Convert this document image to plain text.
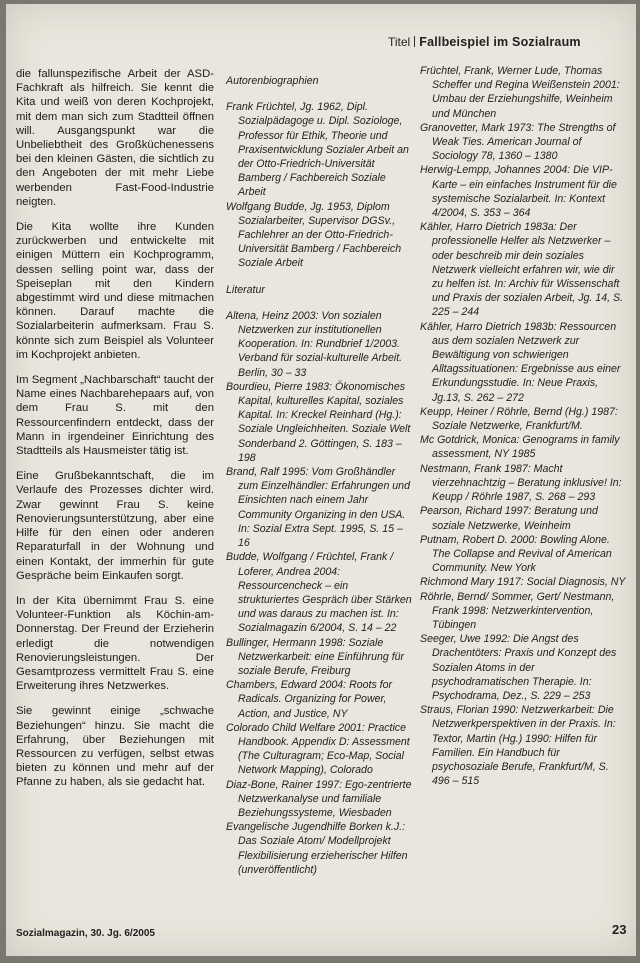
Titel Fallbeispiel im Sozialraum

die fallunspezifische Arbeit der ASD-Fachkraft als hilfreich. Sie kennt die Kita und weiß von deren Kochprojekt, mit dem man sich zum Stadtteil öffnen will. Ausgangspunkt war die Unbeliebtheit des Großküchenessens bei den kleinen Gästen, die sichtlich zu den Angeboten der mit mehr Liebe werbenden Fast-Food-Industrie neigten.

Die Kita wollte ihre Kunden zurückwerben und entwickelte mit einigen Müttern ein Kochprogramm, dessen selling point war, dass der Speiseplan mit den Kindern abgestimmt wird und diese mitmachen können. Darauf machte die Sozialarbeiterin aufmerksam. Frau S. könnte sich zum Beispiel als Volunteer im Kochprojekt anbieten.

Im Segment „Nachbarschaft“ taucht der Name eines Nachbarehepaars auf, von dem Frau S. mit den Ressourcenfindern entdeckt, dass der Mann in irgendeiner Einrichtung des Stadtteils als Hausmeister tätig ist.

Eine Grußbekanntschaft, die im Verlaufe des Prozesses dichter wird. Zwar gewinnt Frau S. keine Renovierungsunterstützung, aber eine Hilfe für den einen oder anderen Reparaturfall in der Wohnung und einen Kontakt, der immerhin für gute Gespräche beim Einkaufen sorgt.

In der Kita übernimmt Frau S. eine Volunteer-Funktion als Köchin-am-Donnerstag. Der Freund der Erzieherin erledigt die notwendigen Renovierungsleistungen. Der Gesamtprozess vermittelt Frau S. eine Erweiterung ihres Netzwerkes.

Sie gewinnt einige „schwache Beziehungen“ hinzu. Sie macht die Erfahrung, über Beziehungen mit Ressourcen zu verfügen, selbst etwas bieten zu können und mehr auf der Pfanne zu haben, als sie gedacht hat.

Autorenbiographien
Frank Früchtel, Jg. 1962, Dipl. Sozialpädagoge u. Dipl. Soziologe, Professor für Ethik, Theorie und Praxisentwicklung Sozialer Arbeit an der Otto-Friedrich-Universität Bamberg / Fachbereich Soziale Arbeit
Wolfgang Budde, Jg. 1953, Diplom Sozialarbeiter, Supervisor DGSv., Fachlehrer an der Otto-Friedrich-Universität Bamberg / Fachbereich Soziale Arbeit
Literatur
Altena, Heinz 2003: Von sozialen Netzwerken zur institutionellen Kooperation. In: Rundbrief 1/2003. Verband für sozial-kulturelle Arbeit. Berlin, 30 – 33
Bourdieu, Pierre 1983: Ökonomisches Kapital, kulturelles Kapital, soziales Kapital. In: Kreckel Reinhard (Hg.): Soziale Ungleichheiten. Soziale Welt Sonderband 2. Göttingen, S. 183 – 198
Brand, Ralf 1995: Vom Großhändler zum Einzelhändler: Erfahrungen und Einsichten nach einem Jahr Community Organizing in den USA. In: Sozial Extra Sept. 1995, S. 15 – 16
Budde, Wolfgang / Früchtel, Frank / Loferer, Andrea 2004: Ressourcencheck – ein strukturiertes Gespräch über Stärken und was daraus zu machen ist. In: Sozialmagazin 6/2004, S. 14 – 22
Bullinger, Hermann 1998: Soziale Netzwerkarbeit: eine Einführung für soziale Berufe, Freiburg
Chambers, Edward 2004: Roots for Radicals. Organizing for Power, Action, and Justice, NY
Colorado Child Welfare 2001: Practice Handbook. Appendix D: Assessment (The Culturagram; Eco-Map, Social Network Mapping), Colorado
Diaz-Bone, Rainer 1997: Ego-zentrierte Netzwerkanalyse und familiale Beziehungssysteme, Wiesbaden
Evangelische Jugendhilfe Borken k.J.: Das Soziale Atom/ Modellprojekt Flexibilisierung erzieherischer Hilfen (unveröffentlicht)
Früchtel, Frank, Werner Lude, Thomas Scheffer und Regina Weißenstein 2001: Umbau der Erziehungshilfe, Weinheim und München
Granovetter, Mark 1973: The Strengths of Weak Ties. American Journal of Sociology 78, 1360 – 1380
Herwig-Lempp, Johannes 2004: Die VIP-Karte – ein einfaches Instrument für die systemische Sozialarbeit. In: Kontext 4/2004, S. 353 – 364
Kähler, Harro Dietrich 1983a: Der professionelle Helfer als Netzwerker – oder beschreib mir dein soziales Netzwerk vielleicht erfahren wir, wie dir zu helfen ist. In: Archiv für Wissenschaft und Praxis der sozialen Arbeit, Jg. 14, S. 225 – 244
Kähler, Harro Dietrich 1983b: Ressourcen aus dem sozialen Netzwerk zur Bewältigung von schwierigen Alltagssituationen: Ergebnisse aus einer Erkundungsstudie. In: Neue Praxis, Jg.13, S. 262 – 272
Keupp, Heiner / Röhrle, Bernd (Hg.) 1987: Soziale Netzwerke, Frankfurt/M.
Mc Gotdrick, Monica: Genograms in family assessment, NY 1985
Nestmann, Frank 1987: Macht vierzehnachtzig – Beratung inklusive! In: Keupp / Röhrle 1987, S. 268 – 293
Pearson, Richard 1997: Beratung und soziale Netzwerke, Weinheim
Putnam, Robert D. 2000: Bowling Alone. The Collapse and Revival of American Community. New York
Richmond Mary 1917: Social Diagnosis, NY
Röhrle, Bernd/ Sommer, Gert/ Nestmann, Frank 1998: Netzwerkintervention, Tübingen
Seeger, Uwe 1992: Die Angst des Drachentöters: Praxis und Konzept des Sozialen Atoms in der psychodramatischen Therapie. In: Psychodrama, Dez., S. 229 – 253
Straus, Florian 1990: Netzwerkarbeit: Die Netzwerkperspektiven in der Praxis. In: Textor, Martin (Hg.) 1990: Hilfen für Familien. Ein Handbuch für psychosoziale Berufe, Frankfurt/M, S. 496 – 515
Sozialmagazin, 30. Jg. 6/2005	23
